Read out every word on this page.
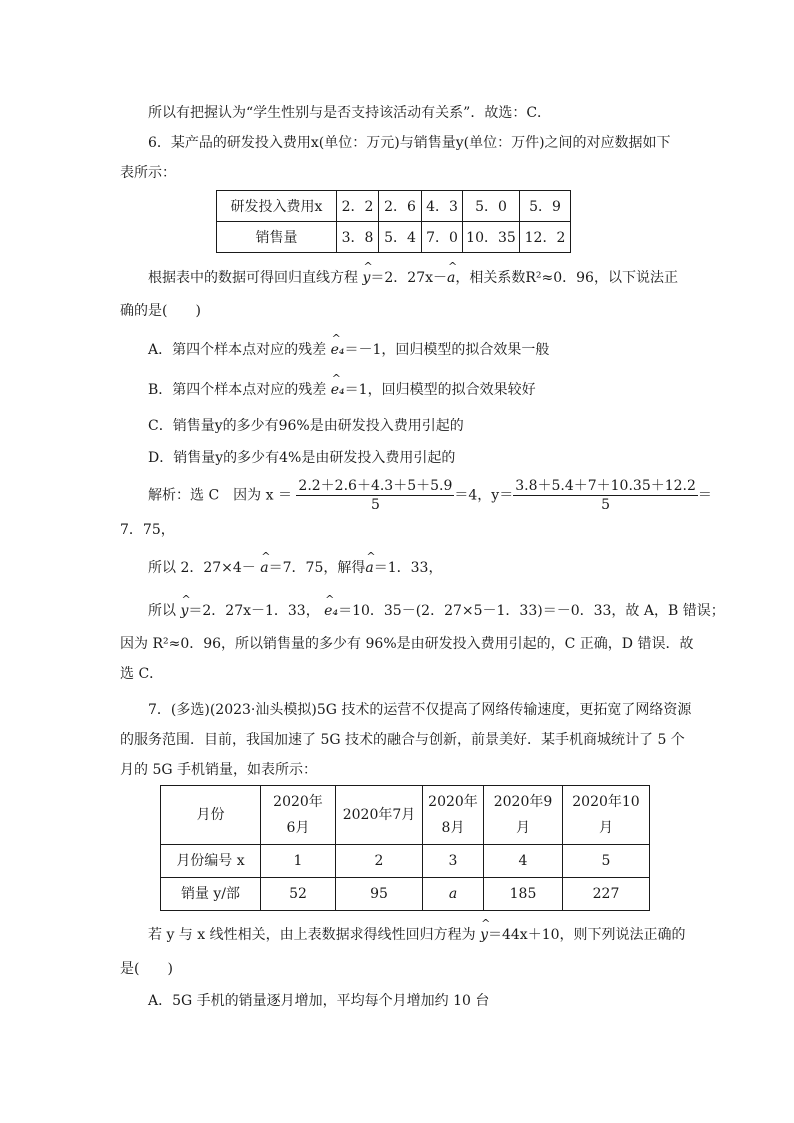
所以有把握认为“学生性别与是否支持该活动有关系”．故选：C．
6．某产品的研发投入费用x(单位：万元)与销售量y(单位：万件)之间的对应数据如下
表所示：
研发投入费用x	2．2	2．6	4．3	5．0	5．9
销售量	3．8	5．4	7．0	10．35	12．2
根据表中的数据可得回归直线方程 ^ y＝2．27x－^ a，相关系数R²≈0．96，以下说法正
确的是(　　)
A．第四个样本点对应的残差 ^ e₄＝－1，回归模型的拟合效果一般
B．第四个样本点对应的残差 ^ e₄＝1，回归模型的拟合效果较好
C．销售量y的多少有96%是由研发投入费用引起的
D．销售量y的多少有4%是由研发投入费用引起的
解析：选 C　因为 $x = \frac{2.2+2.6+4.3+5+5.9}{5} =4$，$y= \frac{3.8+5.4+7+10.35+12.2}{5}$ ＝
7．75，
所以 2．27×4－ ^ a＝7．75，解得^ a＝1．33，
所以 ^ y＝2．27x－1．33， ^ e₄＝10．35－(2．27×5－1．33)＝－0．33，故 A，B 错误；
因为 R²≈0．96，所以销售量的多少有 96%是由研发投入费用引起的，C 正确，D 错误．故
选 C．
7．(多选)(2023·汕头模拟)5G 技术的运营不仅提高了网络传输速度，更拓宽了网络资源
的服务范围．目前，我国加速了 5G 技术的融合与创新，前景美好．某手机商城统计了 5 个
月的 5G 手机销量，如表所示：
月份	2020年6月	2020年7月	2020年8月	2020年9月	2020年10月
月份编号 x	1	2	3	4	5
销量 y/部	52	95	a	185	227
若 y 与 x 线性相关，由上表数据求得线性回归方程为 ^ y＝44x＋10，则下列说法正确的
是(　　)
A．5G 手机的销量逐月增加，平均每个月增加约 10 台
